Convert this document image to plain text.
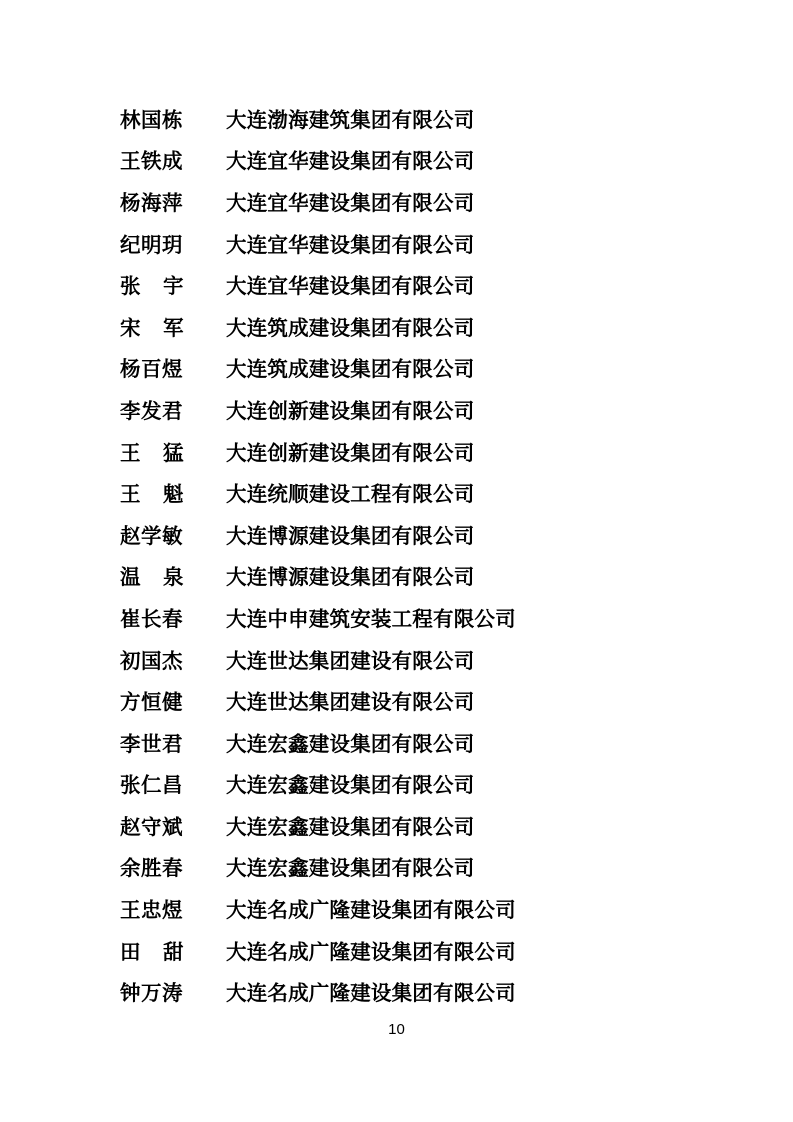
林国栋	大连渤海建筑集团有限公司
王铁成	大连宜华建设集团有限公司
杨海萍	大连宜华建设集团有限公司
纪明玥	大连宜华建设集团有限公司
张 宇 大连宜华建设集团有限公司
宋 军 大连筑成建设集团有限公司
杨百煜	大连筑成建设集团有限公司
李发君	大连创新建设集团有限公司
王 猛 大连创新建设集团有限公司
王 魁 大连统顺建设工程有限公司
赵学敏	大连博源建设集团有限公司
温 泉 大连博源建设集团有限公司
崔长春	大连中申建筑安装工程有限公司
初国杰	大连世达集团建设有限公司
方恒健	大连世达集团建设有限公司
李世君	大连宏鑫建设集团有限公司
张仁昌	大连宏鑫建设集团有限公司
赵守斌	大连宏鑫建设集团有限公司
余胜春	大连宏鑫建设集团有限公司
王忠煜	大连名成广隆建设集团有限公司
田 甜 大连名成广隆建设集团有限公司
钟万涛	大连名成广隆建设集团有限公司
10
